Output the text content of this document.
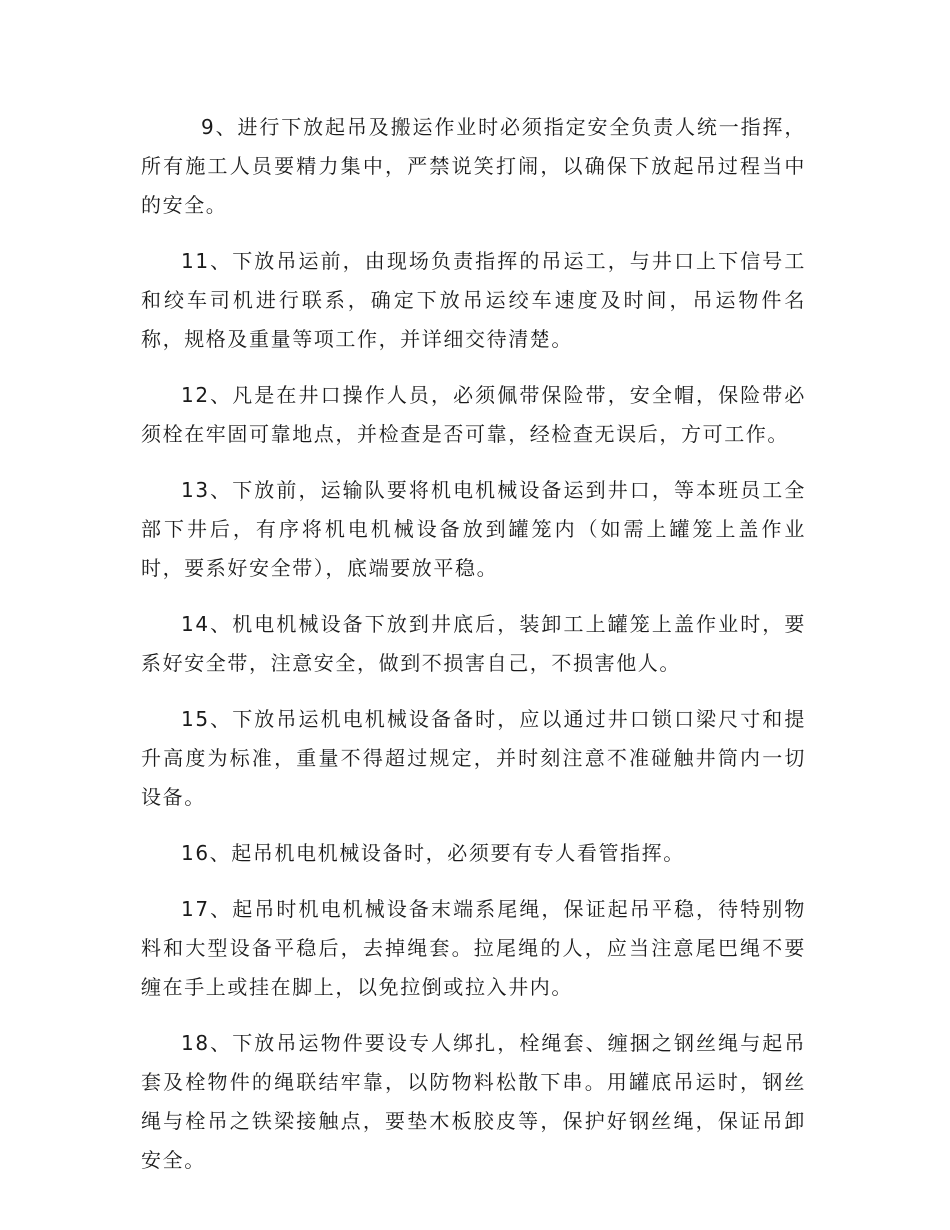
9、进行下放起吊及搬运作业时必须指定安全负责人统一指挥，所有施工人员要精力集中，严禁说笑打闹，以确保下放起吊过程当中的安全。

11、下放吊运前，由现场负责指挥的吊运工，与井口上下信号工和绞车司机进行联系，确定下放吊运绞车速度及时间，吊运物件名称，规格及重量等项工作，并详细交待清楚。

12、凡是在井口操作人员，必须佩带保险带，安全帽，保险带必须栓在牢固可靠地点，并检查是否可靠，经检查无误后，方可工作。

13、下放前，运输队要将机电机械设备运到井口，等本班员工全部下井后，有序将机电机械设备放到罐笼内（如需上罐笼上盖作业时，要系好安全带），底端要放平稳。

14、机电机械设备下放到井底后，装卸工上罐笼上盖作业时，要系好安全带，注意安全，做到不损害自己，不损害他人。

15、下放吊运机电机械设备备时，应以通过井口锁口梁尺寸和提升高度为标准，重量不得超过规定，并时刻注意不准碰触井筒内一切设备。

16、起吊机电机械设备时，必须要有专人看管指挥。

17、起吊时机电机械设备末端系尾绳，保证起吊平稳，待特别物料和大型设备平稳后，去掉绳套。拉尾绳的人，应当注意尾巴绳不要缠在手上或挂在脚上，以免拉倒或拉入井内。

18、下放吊运物件要设专人绑扎，栓绳套、缠捆之钢丝绳与起吊套及栓物件的绳联结牢靠，以防物料松散下串。用罐底吊运时，钢丝绳与栓吊之铁梁接触点，要垫木板胶皮等，保护好钢丝绳，保证吊卸安全。
